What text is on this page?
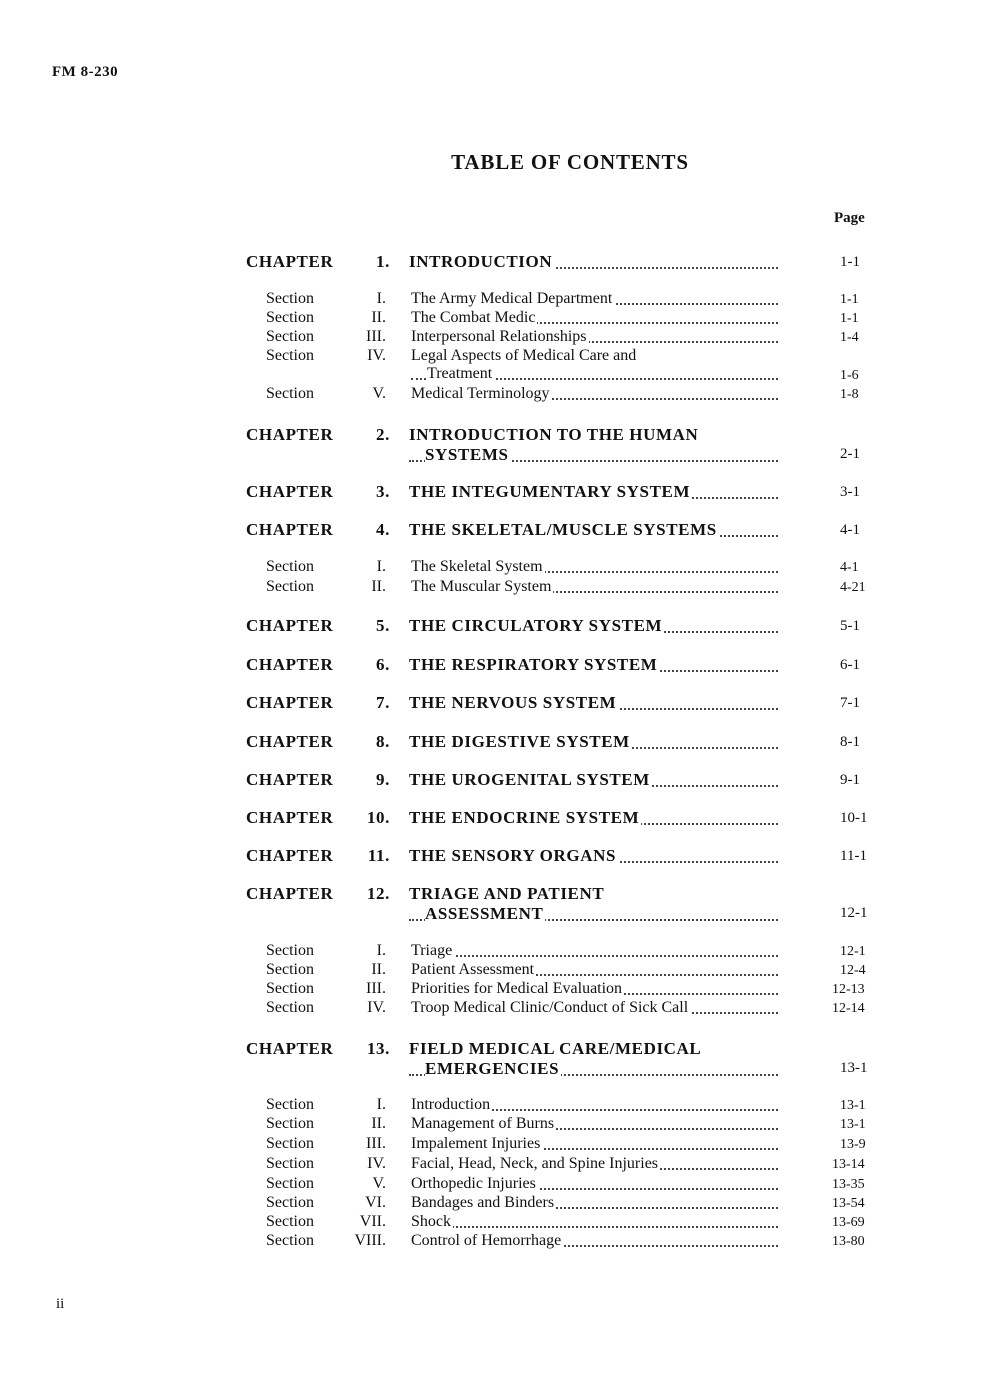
FM 8-230
TABLE OF CONTENTS
Page
CHAPTER	1. INTRODUCTION	1-1
Section	I. The Army Medical Department	1-1
Section	II. The Combat Medic	1-1
Section	III. Interpersonal Relationships	1-4
Section	IV. Legal Aspects of Medical Care and
Treatment	1-6
Section	V. Medical Terminology	1-8
CHAPTER	2. INTRODUCTION TO THE HUMAN
SYSTEMS	2-1
CHAPTER	3. THE INTEGUMENTARY SYSTEM	3-1
CHAPTER	4. THE SKELETAL/MUSCLE SYSTEMS	4-1
Section	I. The Skeletal System	4-1
Section	II. The Muscular System	4-21
CHAPTER	5. THE CIRCULATORY SYSTEM	5-1
CHAPTER	6. THE RESPIRATORY SYSTEM	6-1
CHAPTER	7. THE NERVOUS SYSTEM	7-1
CHAPTER	8. THE DIGESTIVE SYSTEM	8-1
CHAPTER	9. THE UROGENITAL SYSTEM	9-1
CHAPTER	10. THE ENDOCRINE SYSTEM	10-1
CHAPTER	11. THE SENSORY ORGANS	11-1
CHAPTER	12. TRIAGE AND PATIENT
ASSESSMENT	12-1
Section	I. Triage	12-1
Section	II. Patient Assessment	12-4
Section	III. Priorities for Medical Evaluation	12-13
Section	IV. Troop Medical Clinic/Conduct of Sick Call	12-14
CHAPTER	13. FIELD MEDICAL CARE/MEDICAL
EMERGENCIES	13-1
Section	I. Introduction	13-1
Section	II. Management of Burns	13-1
Section	III. Impalement Injuries	13-9
Section	IV. Facial, Head, Neck, and Spine Injuries	13-14
Section	V. Orthopedic Injuries	13-35
Section	VI. Bandages and Binders	13-54
Section	VII. Shock	13-69
Section	VIII. Control of Hemorrhage	13-80
ii
